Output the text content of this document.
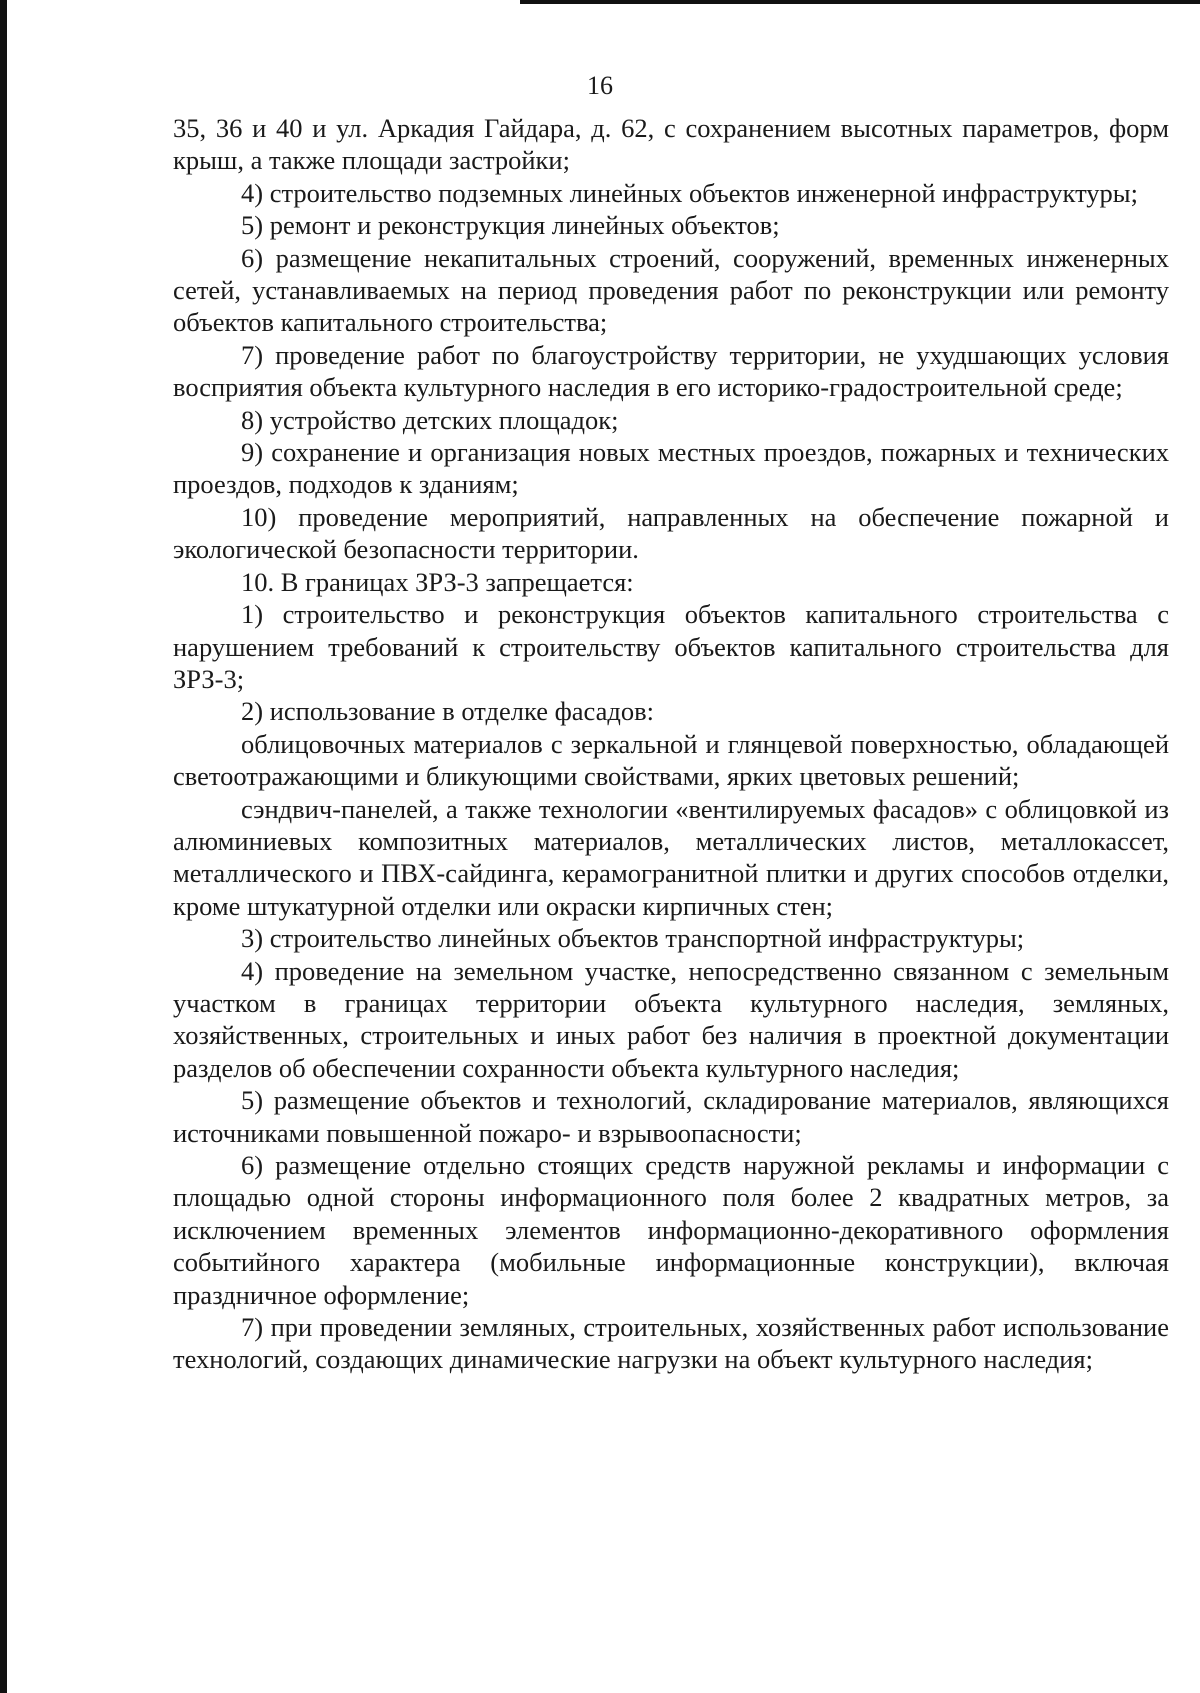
16

35, 36 и 40 и ул. Аркадия Гайдара, д. 62, с сохранением высотных параметров, форм крыш, а также площади застройки;

4) строительство подземных линейных объектов инженерной инфраструктуры;

5) ремонт и реконструкция линейных объектов;

6) размещение некапитальных строений, сооружений, временных инженерных сетей, устанавливаемых на период проведения работ по реконструкции или ремонту объектов капитального строительства;

7) проведение работ по благоустройству территории, не ухудшающих условия восприятия объекта культурного наследия в его историко-градостроительной среде;

8) устройство детских площадок;

9) сохранение и организация новых местных проездов, пожарных и технических проездов, подходов к зданиям;

10) проведение мероприятий, направленных на обеспечение пожарной и экологической безопасности территории.

10. В границах ЗРЗ-3 запрещается:

1) строительство и реконструкция объектов капитального строительства с нарушением требований к строительству объектов капитального строительства для ЗРЗ-3;

2) использование в отделке фасадов:

облицовочных материалов с зеркальной и глянцевой поверхностью, обладающей светоотражающими и бликующими свойствами, ярких цветовых решений;

сэндвич-панелей, а также технологии «вентилируемых фасадов» с облицовкой из алюминиевых композитных материалов, металлических листов, металлокассет, металлического и ПВХ-сайдинга, керамогранитной плитки и других способов отделки, кроме штукатурной отделки или окраски кирпичных стен;

3) строительство линейных объектов транспортной инфраструктуры;

4) проведение на земельном участке, непосредственно связанном с земельным участком в границах территории объекта культурного наследия, земляных, хозяйственных, строительных и иных работ без наличия в проектной документации разделов об обеспечении сохранности объекта культурного наследия;

5) размещение объектов и технологий, складирование материалов, являющихся источниками повышенной пожаро- и взрывоопасности;

6) размещение отдельно стоящих средств наружной рекламы и информации с площадью одной стороны информационного поля более 2 квадратных метров, за исключением временных элементов информационно-декоративного оформления событийного характера (мобильные информационные конструкции), включая праздничное оформление;

7) при проведении земляных, строительных, хозяйственных работ использование технологий, создающих динамические нагрузки на объект культурного наследия;
